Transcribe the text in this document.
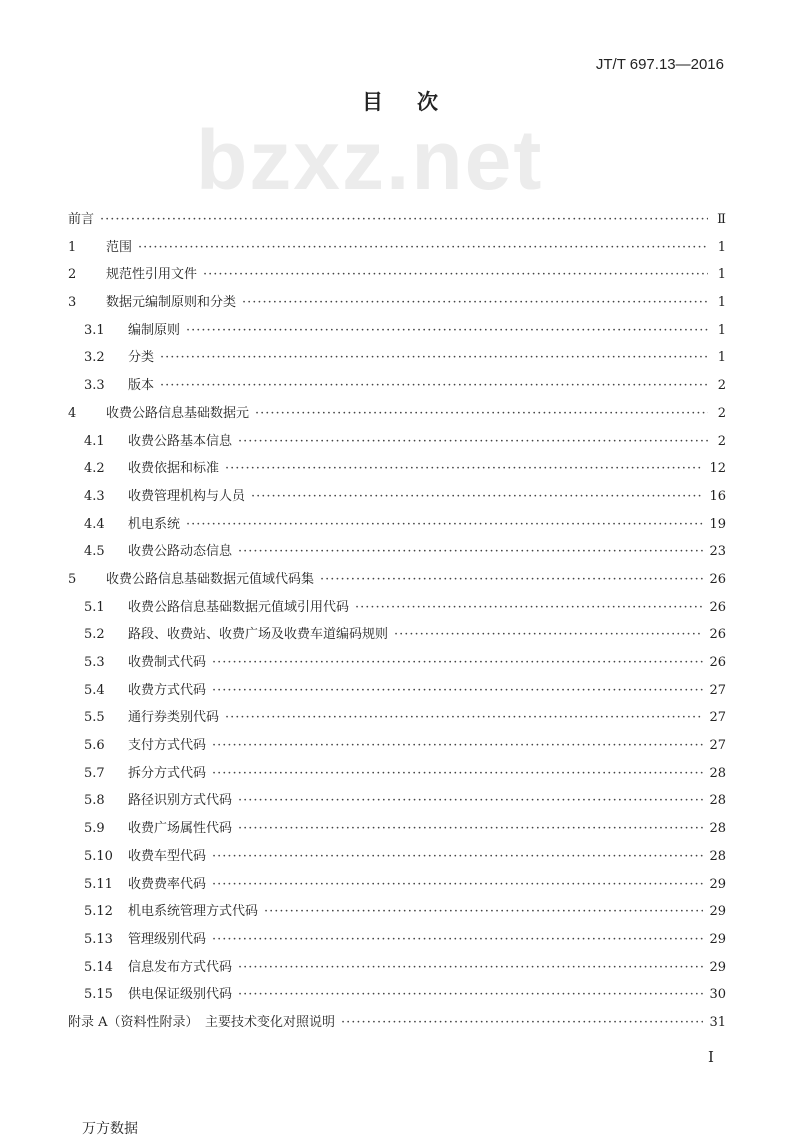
JT/T 697.13—2016
目次
bzxz.net
前言 ·····	Ⅱ
1	范围 ·····	1
2	规范性引用文件 ·····	1
3	数据元编制原则和分类 ·····	1
3.1	编制原则 ·····	1
3.2	分类 ·····	1
3.3	版本 ·····	2
4	收费公路信息基础数据元 ·····	2
4.1	收费公路基本信息 ·····	2
4.2	收费依据和标准 ·····	12
4.3	收费管理机构与人员 ·····	16
4.4	机电系统 ·····	19
4.5	收费公路动态信息 ·····	23
5	收费公路信息基础数据元值域代码集 ·····	26
5.1	收费公路信息基础数据元值域引用代码 ·····	26
5.2	路段、收费站、收费广场及收费车道编码规则 ·····	26
5.3	收费制式代码 ·····	26
5.4	收费方式代码 ·····	27
5.5	通行券类别代码 ·····	27
5.6	支付方式代码 ·····	27
5.7	拆分方式代码 ·····	28
5.8	路径识别方式代码 ·····	28
5.9	收费广场属性代码 ·····	28
5.10	收费车型代码 ·····	28
5.11	收费费率代码 ·····	29
5.12	机电系统管理方式代码 ·····	29
5.13	管理级别代码 ·····	29
5.14	信息发布方式代码 ·····	29
5.15	供电保证级别代码 ·····	30
附录 A（资料性附录）　主要技术变化对照说明 ·····	31
Ⅰ
万方数据
